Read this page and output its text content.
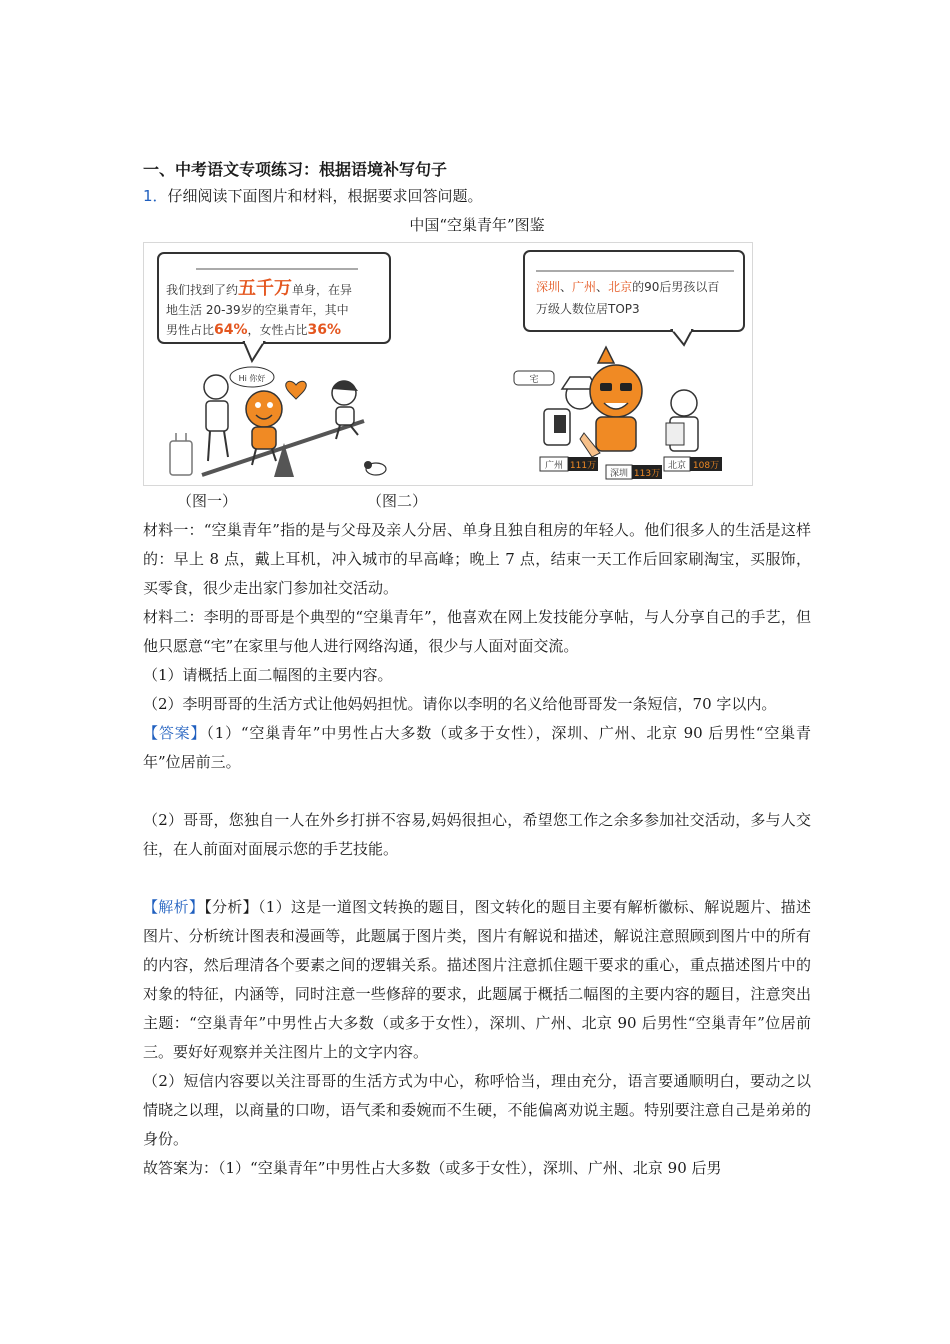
一、中考语文专项练习：根据语境补写句子

1．仔细阅读下面图片和材料，根据要求回答问题。

中国“空巢青年”图鉴
我们找到了约五千万单身，在异
地生活 20-39岁的空巢青年，其中
男性占比64%，女性占比36%
深圳、广州、北京的90后男孩以百
万级人数位居TOP3
Hi 你好	宅
广州 111万
深圳 113万
北京 108万
（图一）	（图二）

材料一：“空巢青年”指的是与父母及亲人分居、单身且独自租房的年轻人。他们很多人的生活是这样的：早上 8 点，戴上耳机，冲入城市的早高峰；晚上 7 点，结束一天工作后回家刷淘宝，买服饰，买零食，很少走出家门参加社交活动。

材料二：李明的哥哥是个典型的“空巢青年”，他喜欢在网上发技能分享帖，与人分享自己的手艺，但他只愿意“宅”在家里与他人进行网络沟通，很少与人面对面交流。

（1）请概括上面二幅图的主要内容。

（2）李明哥哥的生活方式让他妈妈担忧。请你以李明的名义给他哥哥发一条短信，70 字以内。

【答案】（1）“空巢青年”中男性占大多数（或多于女性），深圳、广州、北京 90 后男性“空巢青年”位居前三。

（2）哥哥，您独自一人在外乡打拼不容易,妈妈很担心，希望您工作之余多参加社交活动，多与人交往，在人前面对面展示您的手艺技能。

【解析】【分析】（1）这是一道图文转换的题目，图文转化的题目主要有解析徽标、解说题片、描述图片、分析统计图表和漫画等，此题属于图片类，图片有解说和描述，解说注意照顾到图片中的所有的内容，然后理清各个要素之间的逻辑关系。描述图片注意抓住题干要求的重心，重点描述图片中的对象的特征，内涵等，同时注意一些修辞的要求，此题属于概括二幅图的主要内容的题目，注意突出主题：“空巢青年”中男性占大多数（或多于女性），深圳、广州、北京 90 后男性“空巢青年”位居前三。要好好观察并关注图片上的文字内容。

（2）短信内容要以关注哥哥的生活方式为中心，称呼恰当，理由充分，语言要通顺明白，要动之以情晓之以理，以商量的口吻，语气柔和委婉而不生硬，不能偏离劝说主题。特别要注意自己是弟弟的身份。

故答案为：（1）“空巢青年”中男性占大多数（或多于女性），深圳、广州、北京 90 后男
